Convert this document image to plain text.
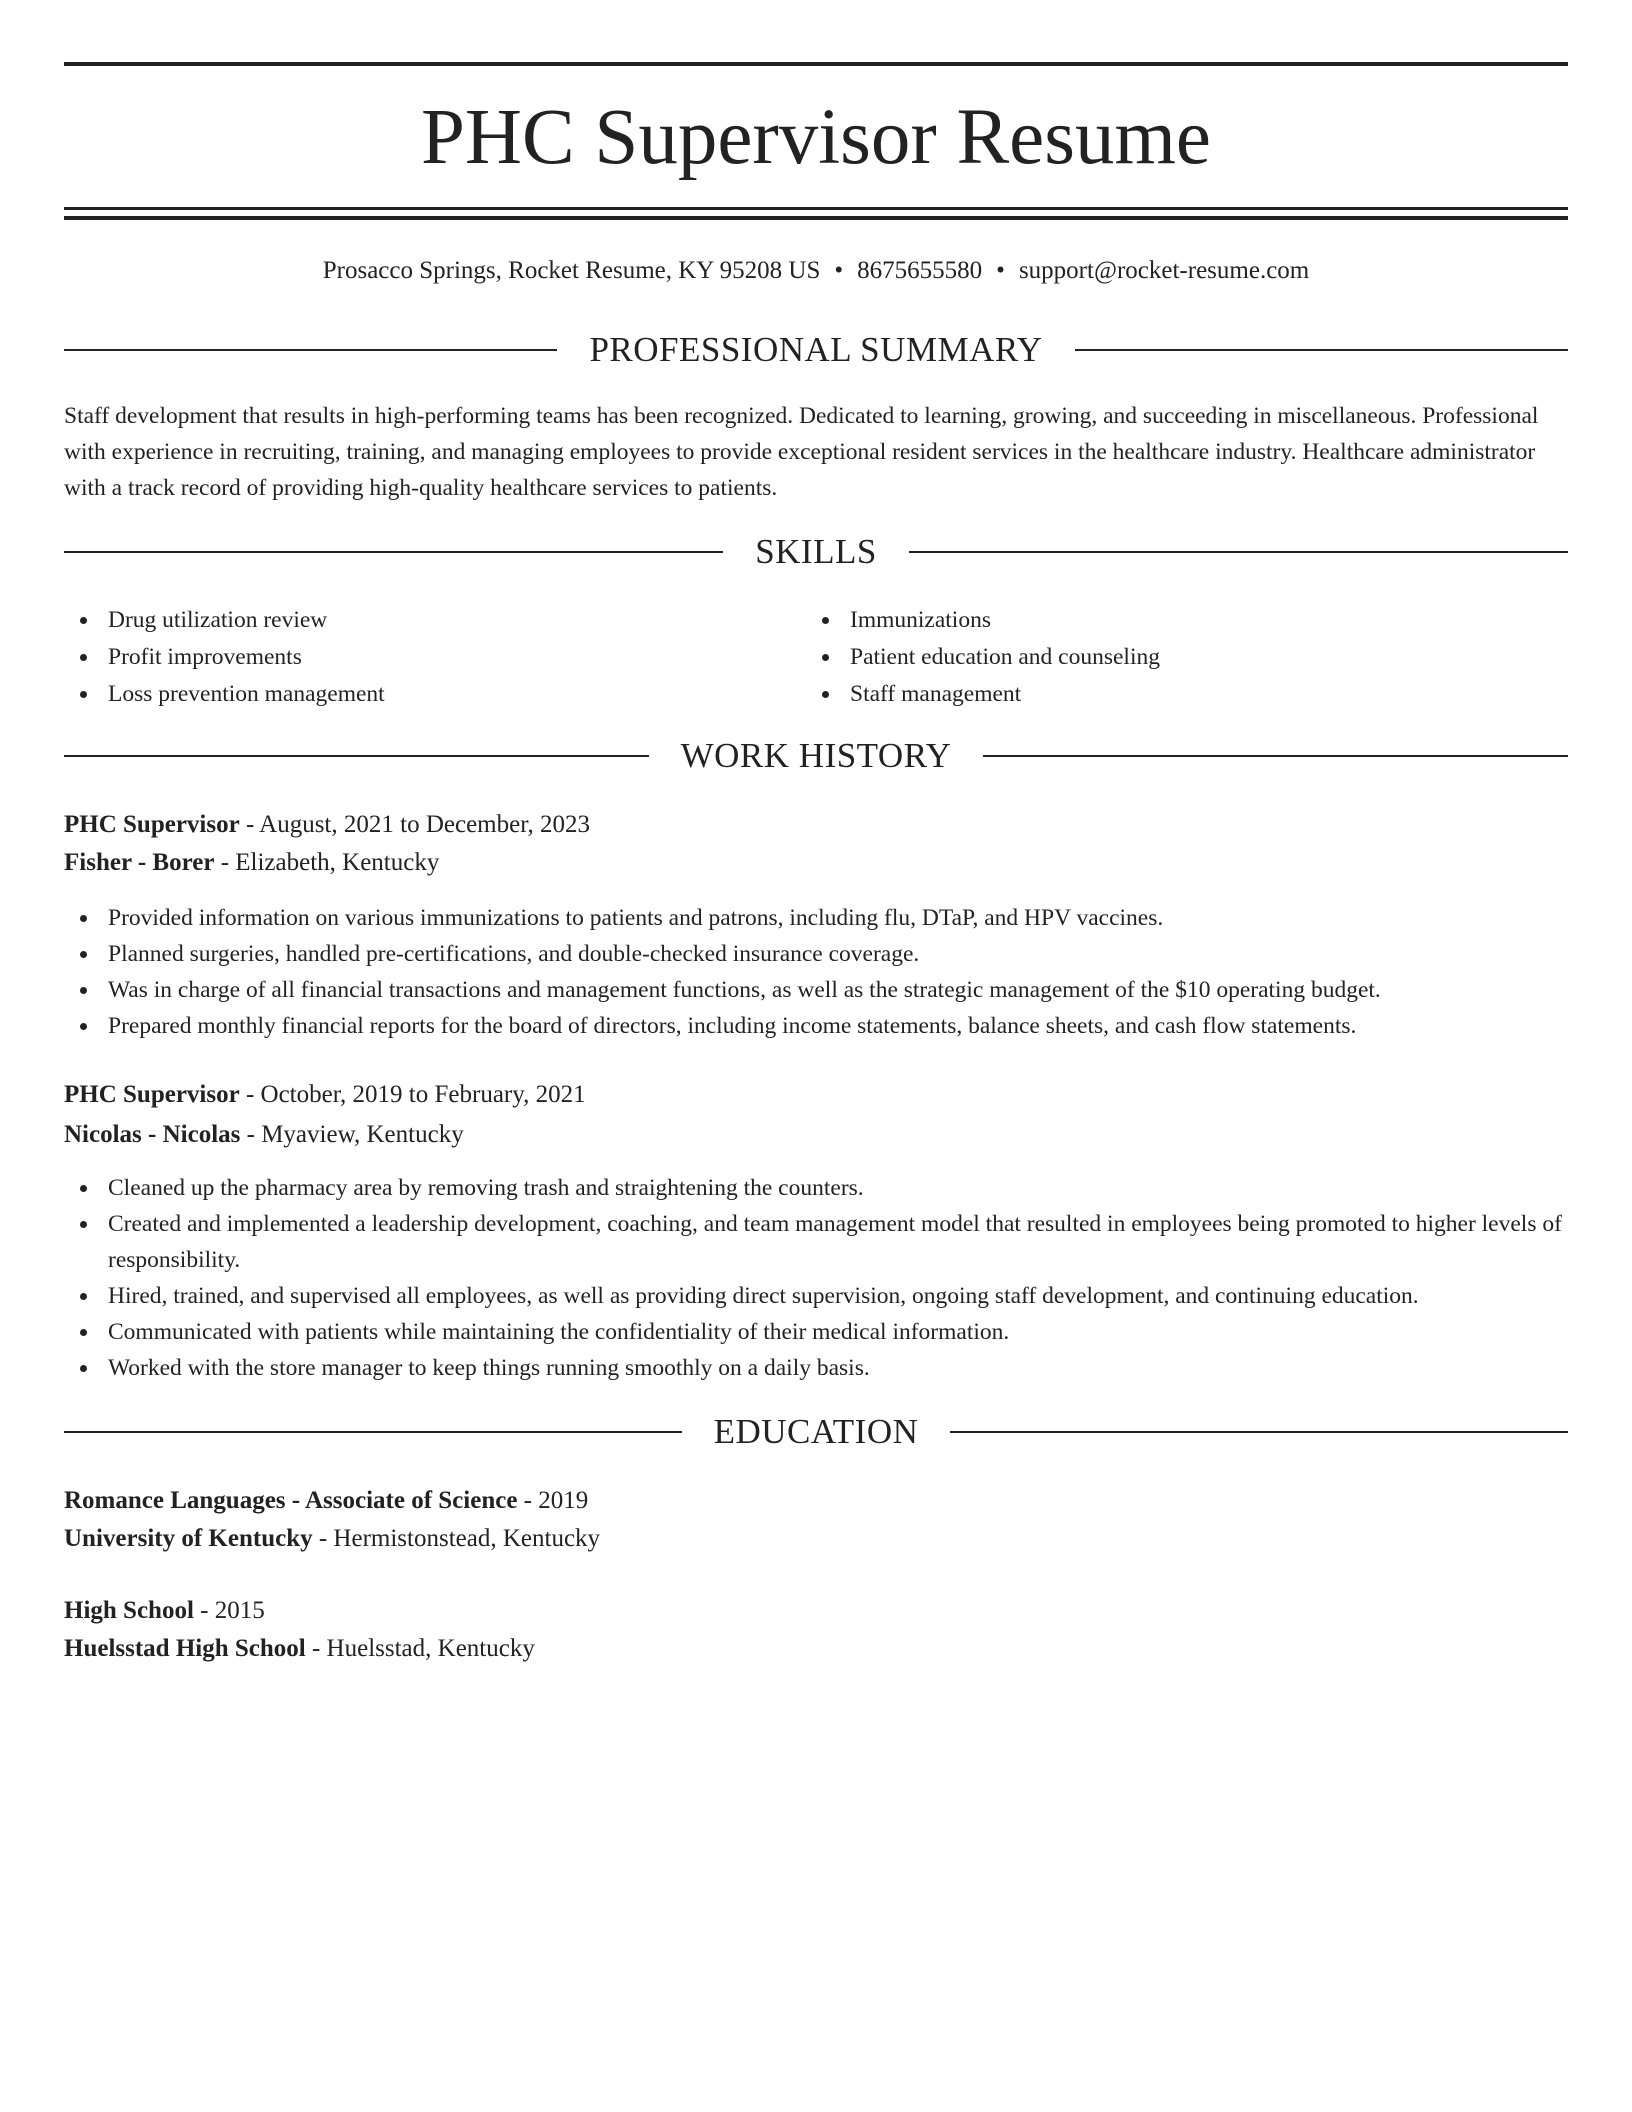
PHC Supervisor Resume
Prosacco Springs, Rocket Resume, KY 95208 US • 8675655580 • support@rocket-resume.com
PROFESSIONAL SUMMARY

Staff development that results in high-performing teams has been recognized. Dedicated to learning, growing, and succeeding in miscellaneous. Professional with experience in recruiting, training, and managing employees to provide exceptional resident services in the healthcare industry. Healthcare administrator with a track record of providing high-quality healthcare services to patients.

SKILLS
Drug utilization review
Profit improvements
Loss prevention management
Immunizations
Patient education and counseling
Staff management
WORK HISTORY
PHC Supervisor - August, 2021 to December, 2023
Fisher - Borer - Elizabeth, Kentucky
Provided information on various immunizations to patients and patrons, including flu, DTaP, and HPV vaccines.
Planned surgeries, handled pre-certifications, and double-checked insurance coverage.
Was in charge of all financial transactions and management functions, as well as the strategic management of the $10 operating budget.
Prepared monthly financial reports for the board of directors, including income statements, balance sheets, and cash flow statements.
PHC Supervisor - October, 2019 to February, 2021
Nicolas - Nicolas - Myaview, Kentucky
Cleaned up the pharmacy area by removing trash and straightening the counters.
Created and implemented a leadership development, coaching, and team management model that resulted in employees being promoted to higher levels of responsibility.
Hired, trained, and supervised all employees, as well as providing direct supervision, ongoing staff development, and continuing education.
Communicated with patients while maintaining the confidentiality of their medical information.
Worked with the store manager to keep things running smoothly on a daily basis.
EDUCATION
Romance Languages - Associate of Science - 2019
University of Kentucky - Hermistonstead, Kentucky
High School - 2015
Huelsstad High School - Huelsstad, Kentucky
